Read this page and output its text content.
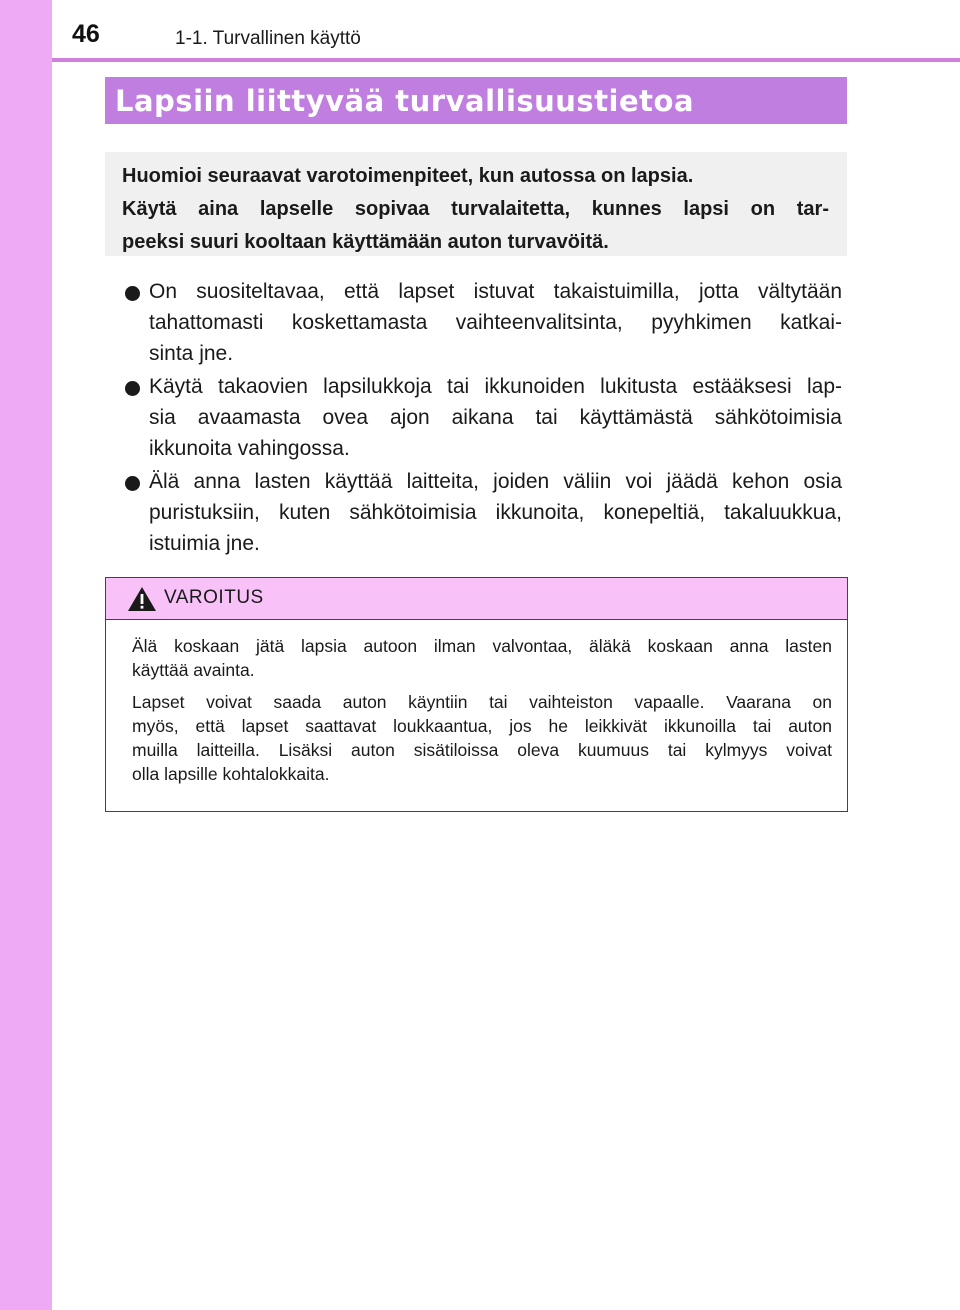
46	1-1. Turvallinen käyttö
Lapsiin liittyvää turvallisuustietoa
Huomioi seuraavat varotoimenpiteet, kun autossa on lapsia.
Käytä aina lapselle sopivaa turvalaitetta, kunnes lapsi on tar-
peeksi suuri kooltaan käyttämään auton turvavöitä.
On suositeltavaa, että lapset istuvat takaistuimilla, jotta vältytään
tahattomasti koskettamasta vaihteenvalitsinta, pyyhkimen katkai-
sinta jne.
Käytä takaovien lapsilukkoja tai ikkunoiden lukitusta estääksesi lap-
sia avaamasta ovea ajon aikana tai käyttämästä sähkötoimisia
ikkunoita vahingossa.
Älä anna lasten käyttää laitteita, joiden väliin voi jäädä kehon osia
puristuksiin, kuten sähkötoimisia ikkunoita, konepeltiä, takaluukkua,
istuimia jne.
VAROITUS
Älä koskaan jätä lapsia autoon ilman valvontaa, äläkä koskaan anna lasten
käyttää avainta.
Lapset voivat saada auton käyntiin tai vaihteiston vapaalle. Vaarana on
myös, että lapset saattavat loukkaantua, jos he leikkivät ikkunoilla tai auton
muilla laitteilla. Lisäksi auton sisätiloissa oleva kuumuus tai kylmyys voivat
olla lapsille kohtalokkaita.
